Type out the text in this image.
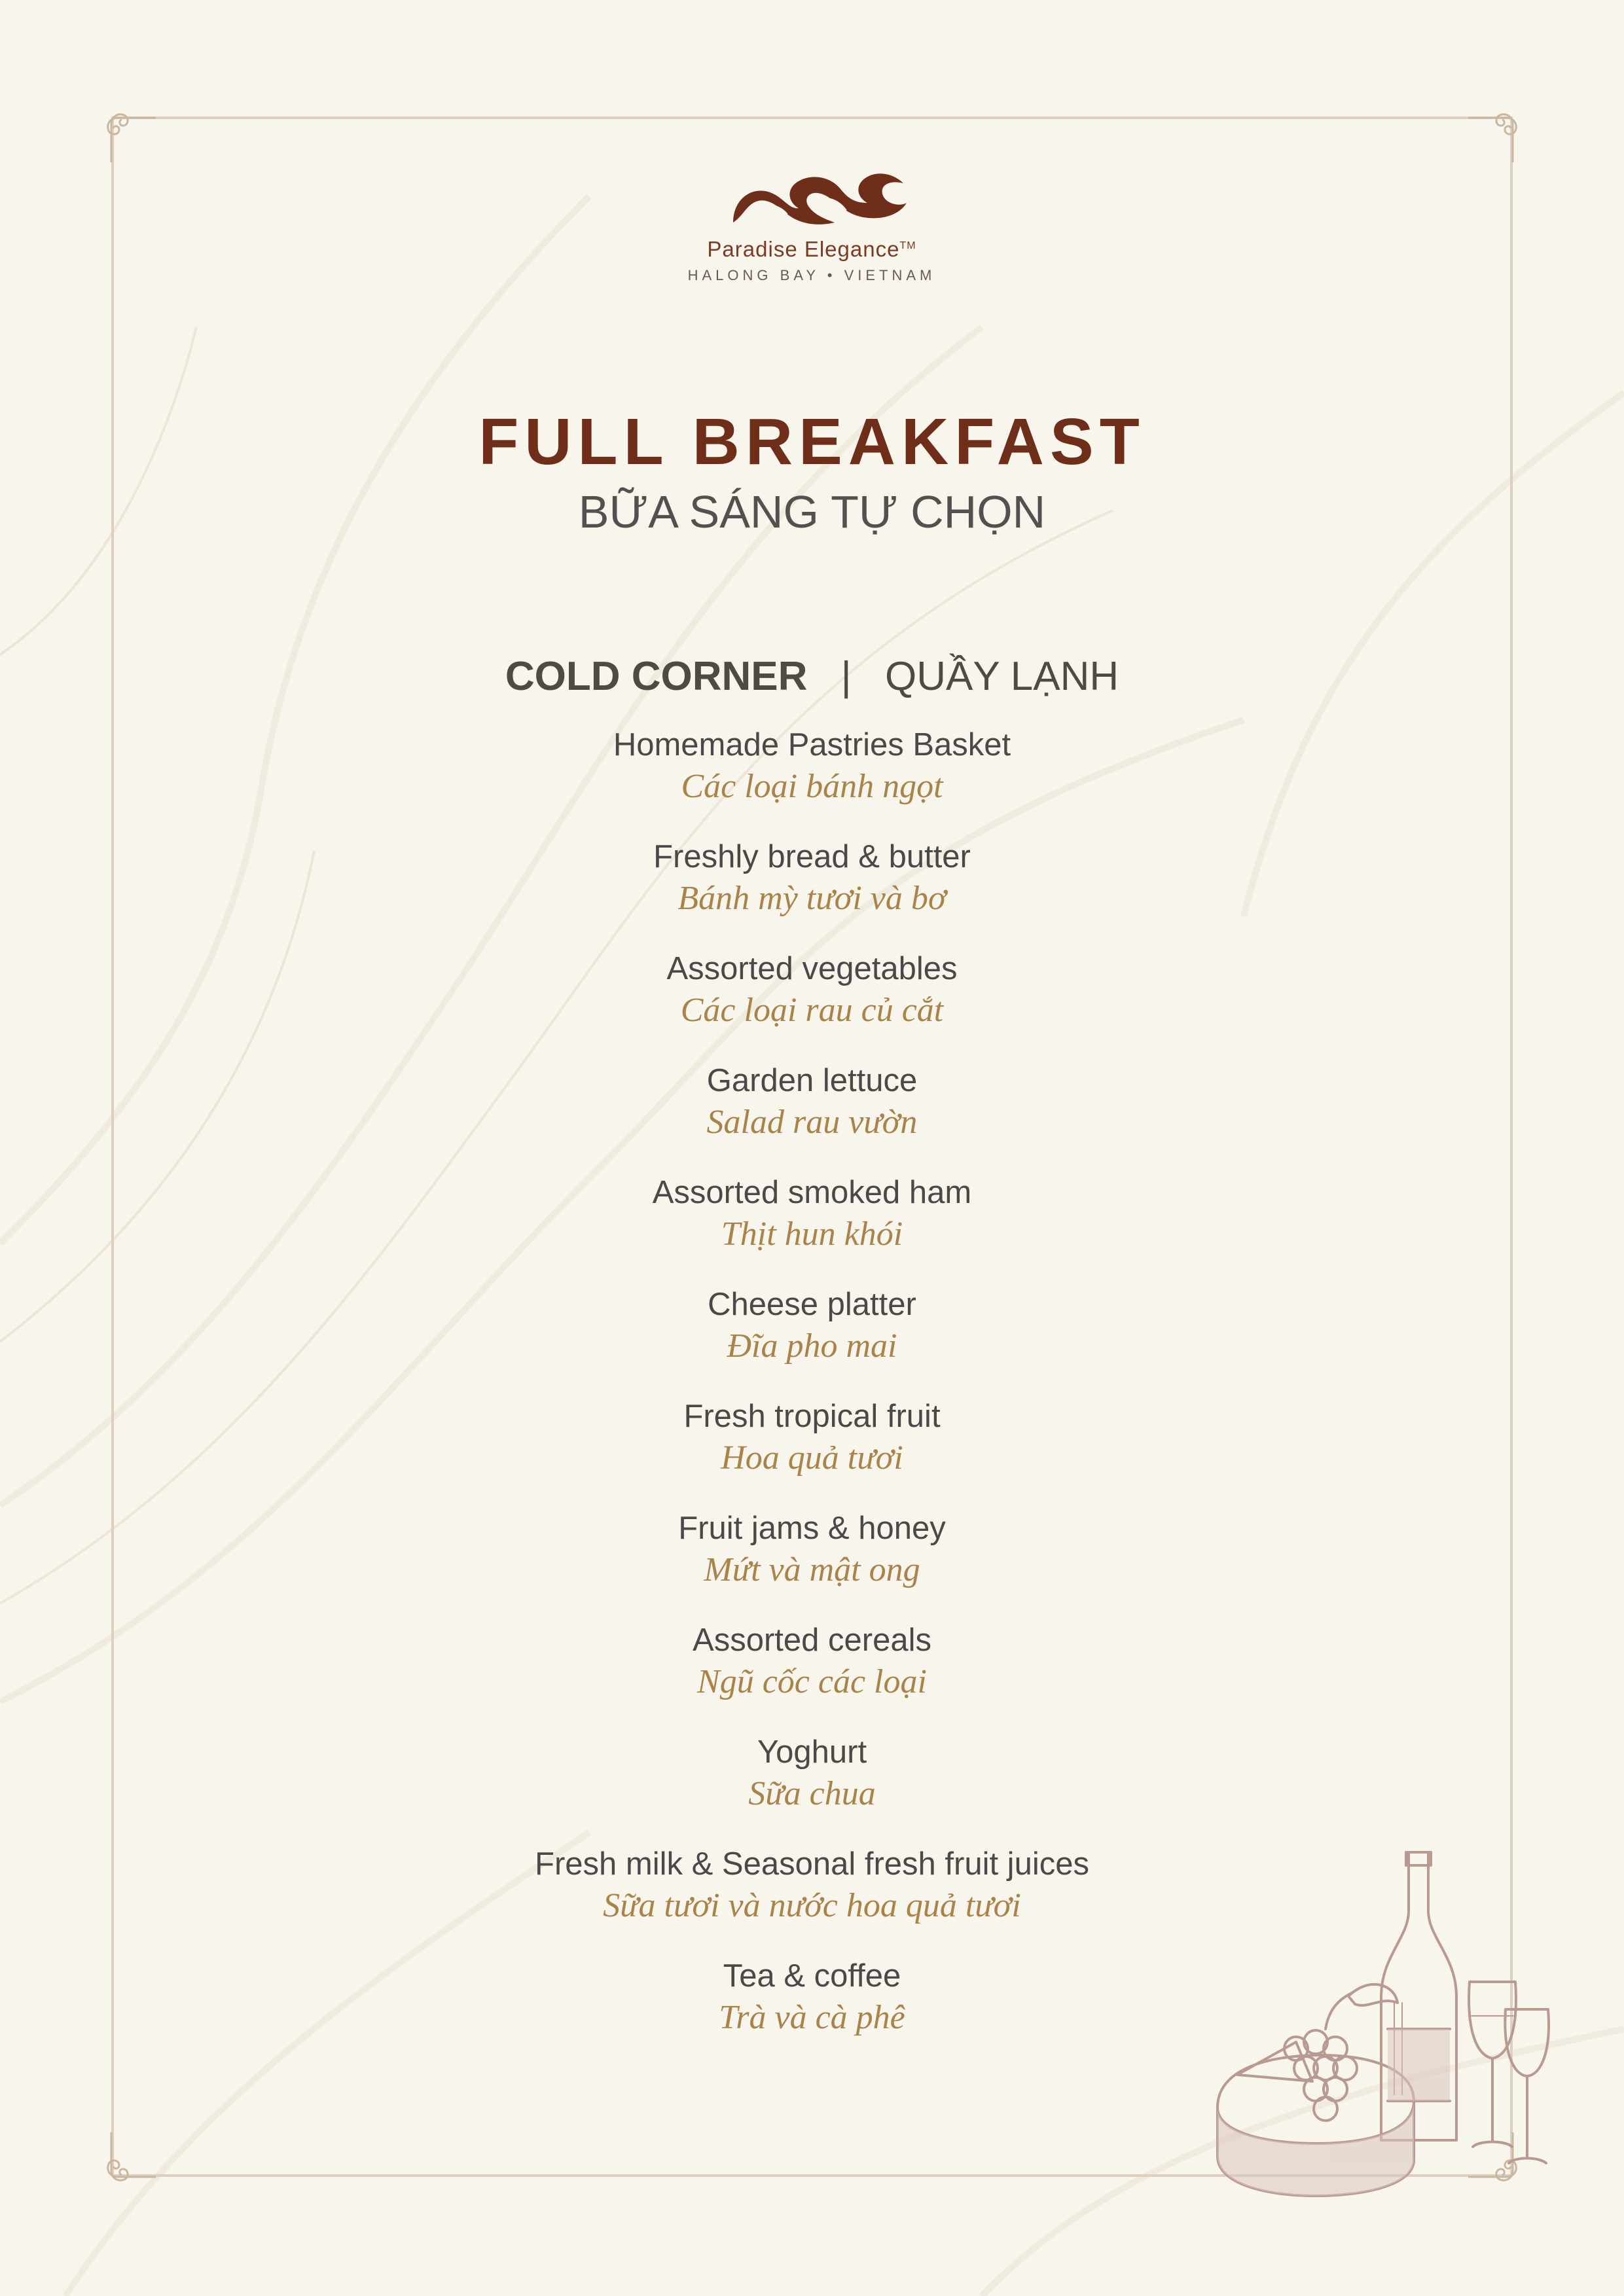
Paradise Elegance™
HALONG BAY • VIETNAM
FULL BREAKFAST
BỮA SÁNG TỰ CHỌN
COLD CORNER | QUẦY LẠNH
Homemade Pastries Basket
Các loại bánh ngọt
Freshly bread & butter
Bánh mỳ tươi và bơ
Assorted vegetables
Các loại rau củ cắt
Garden lettuce
Salad rau vườn
Assorted smoked ham
Thịt hun khói
Cheese platter
Đĩa pho mai
Fresh tropical fruit
Hoa quả tươi
Fruit jams & honey
Mứt và mật ong
Assorted cereals
Ngũ cốc các loại
Yoghurt
Sữa chua
Fresh milk & Seasonal fresh fruit juices
Sữa tươi và nước hoa quả tươi
Tea & coffee
Trà và cà phê
